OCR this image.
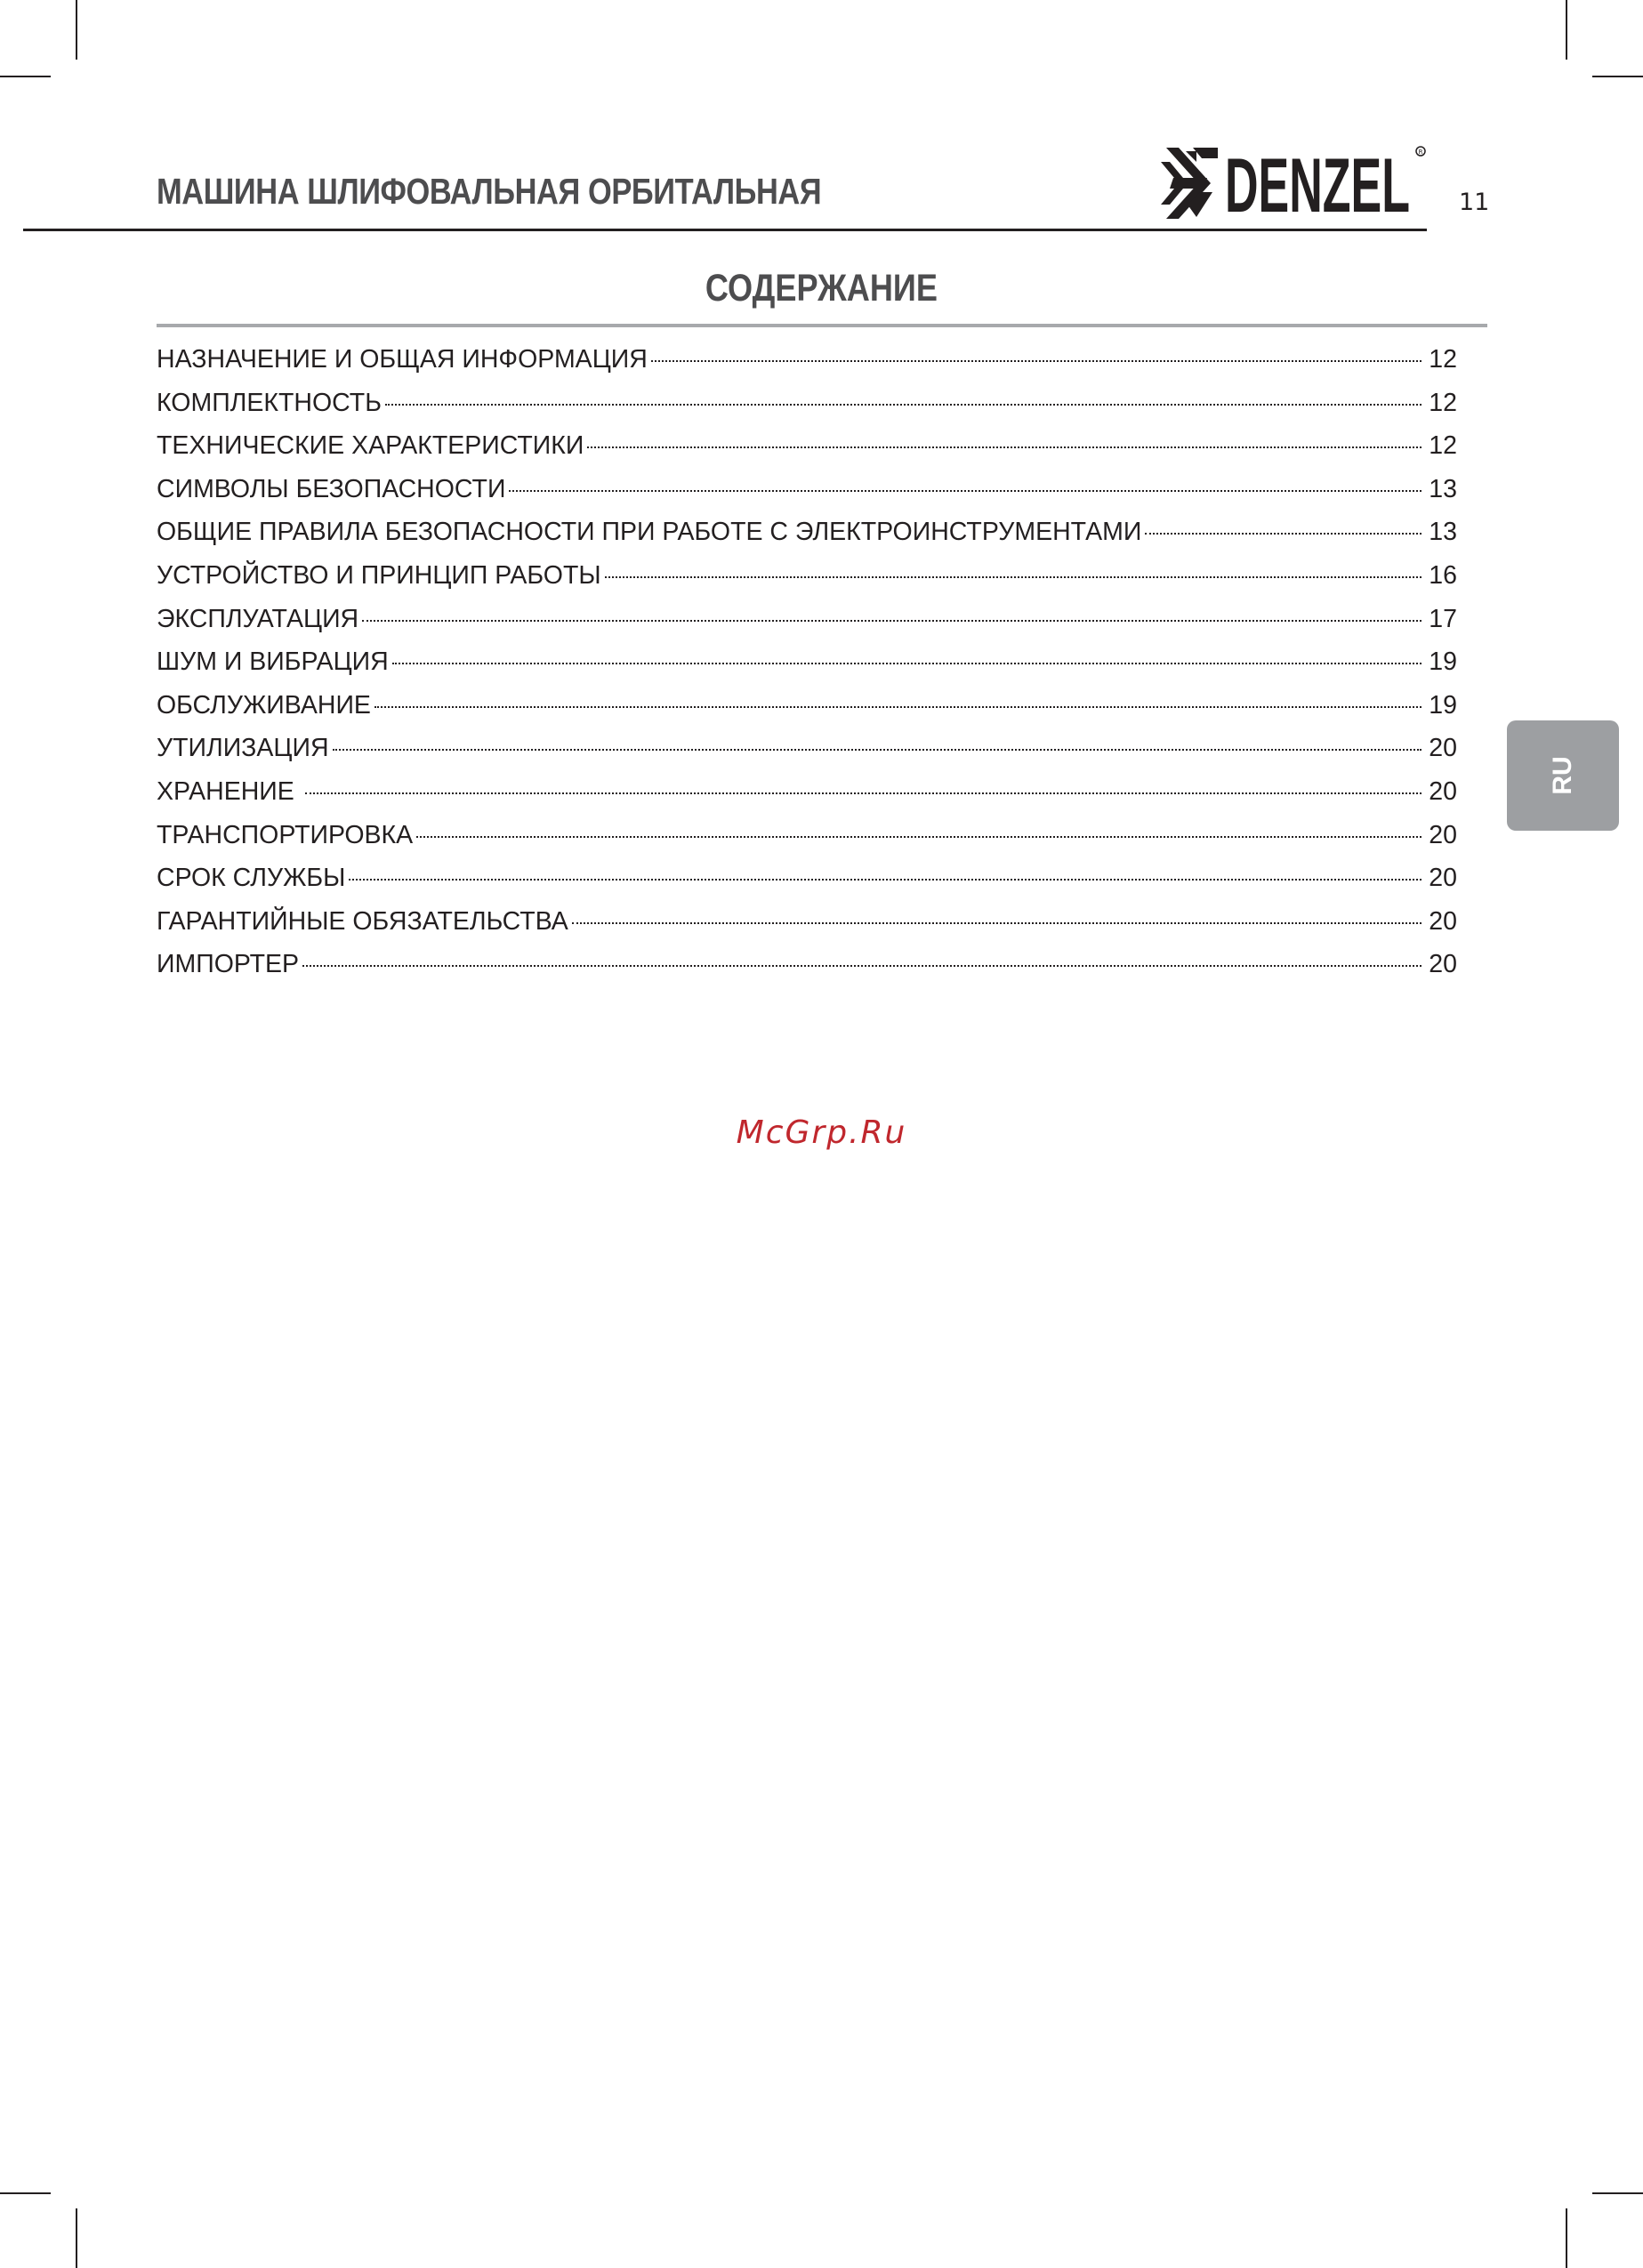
МАШИНА ШЛИФОВАЛЬНАЯ ОРБИТАЛЬНАЯ	DENZEL R
11
СОДЕРЖАНИЕ
НАЗНАЧЕНИЕ И ОБЩАЯ ИНФОРМАЦИЯ	12
КОМПЛЕКТНОСТЬ	12
ТЕХНИЧЕСКИЕ ХАРАКТЕРИСТИКИ	12
СИМВОЛЫ БЕЗОПАСНОСТИ	13
ОБЩИЕ ПРАВИЛА БЕЗОПАСНОСТИ ПРИ РАБОТЕ С ЭЛЕКТРОИНСТРУМЕНТАМИ	13
УСТРОЙСТВО И ПРИНЦИП РАБОТЫ	16
ЭКСПЛУАТАЦИЯ	17
ШУМ И ВИБРАЦИЯ	19
ОБСЛУЖИВАНИЕ	19
УТИЛИЗАЦИЯ	20
ХРАНЕНИЕ	20
ТРАНСПОРТИРОВКА	20
СРОК СЛУЖБЫ	20
ГАРАНТИЙНЫЕ ОБЯЗАТЕЛЬСТВА	20
ИМПОРТЕР	20
RU
McGrp.Ru
